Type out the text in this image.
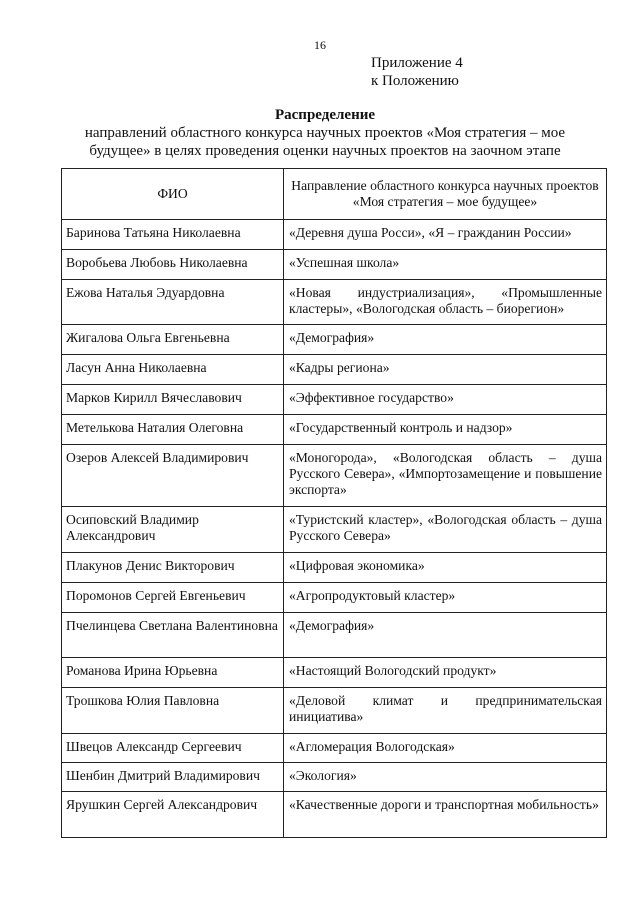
16
Приложение 4
к Положению
Распределение
направлений областного конкурса научных проектов «Моя стратегия – мое
будущее» в целях проведения оценки научных проектов на заочном этапе
ФИО	Направление областного конкурса научных проектов «Моя стратегия – мое будущее»
Баринова Татьяна Николаевна	«Деревня душа Росси», «Я – гражданин России»
Воробьева Любовь Николаевна	«Успешная школа»
Ежова Наталья Эдуардовна	«Новая индустриализация», «Промышленные кластеры», «Вологодская область – биорегион»
Жигалова Ольга Евгеньевна	«Демография»
Ласун Анна Николаевна	«Кадры региона»
Марков Кирилл Вячеславович	«Эффективное государство»
Метелькова Наталия Олеговна	«Государственный контроль и надзор»
Озеров Алексей Владимирович	«Моногорода», «Вологодская область – душа Русского Севера», «Импортозамещение и повышение экспорта»
Осиповский Владимир Александрович	«Туристский кластер», «Вологодская область – душа Русского Севера»
Плакунов Денис Викторович	«Цифровая экономика»
Поромонов Сергей Евгеньевич	«Агропродуктовый кластер»
Пчелинцева Светлана Валентиновна	«Демография»
Романова Ирина Юрьевна	«Настоящий Вологодский продукт»
Трошкова Юлия Павловна	«Деловой климат и предпринимательская инициатива»
Швецов Александр Сергеевич	«Агломерация Вологодская»
Шенбин Дмитрий Владимирович	«Экология»
Ярушкин Сергей Александрович	«Качественные дороги и транспортная мобильность»
